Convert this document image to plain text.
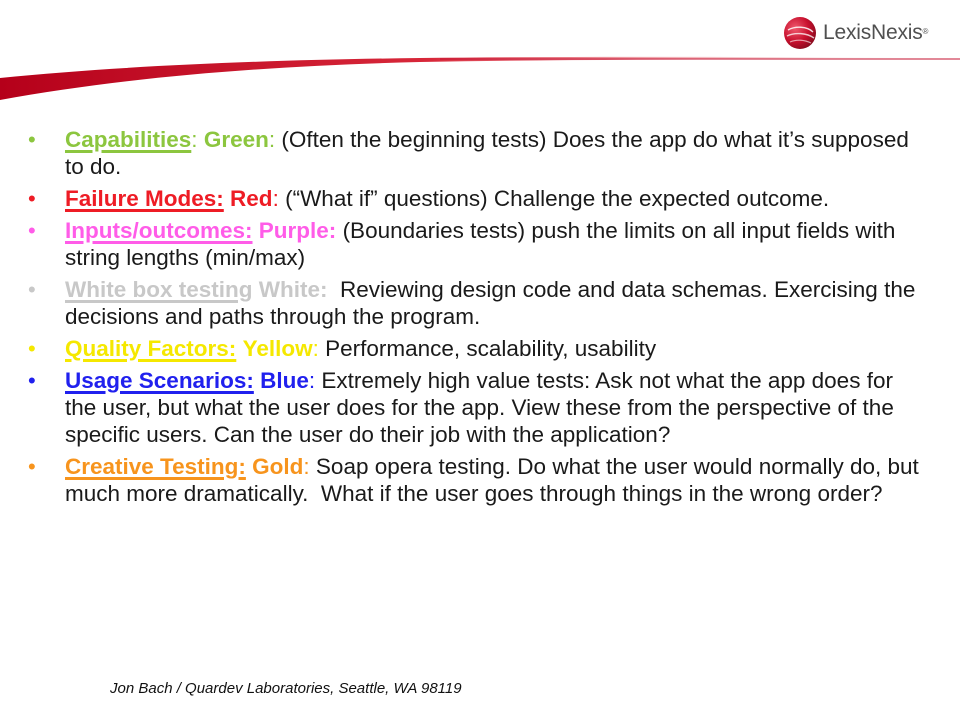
LexisNexis®
• Capabilities: Green: (Often the beginning tests) Does the app do what it’s supposed to do.
• Failure Modes: Red: (“What if” questions) Challenge the expected outcome.
• Inputs/outcomes: Purple: (Boundaries tests) push the limits on all input fields with string lengths (min/max)
• White box testing White: Reviewing design code and data schemas. Exercising the decisions and paths through the program.
• Quality Factors: Yellow: Performance, scalability, usability
• Usage Scenarios: Blue: Extremely high value tests: Ask not what the app does for the user, but what the user does for the app. View these from the perspective of the specific users. Can the user do their job with the application?
• Creative Testing: Gold: Soap opera testing. Do what the user would normally do, but much more dramatically.  What if the user goes through things in the wrong order?
Jon Bach / Quardev Laboratories, Seattle, WA 98119
